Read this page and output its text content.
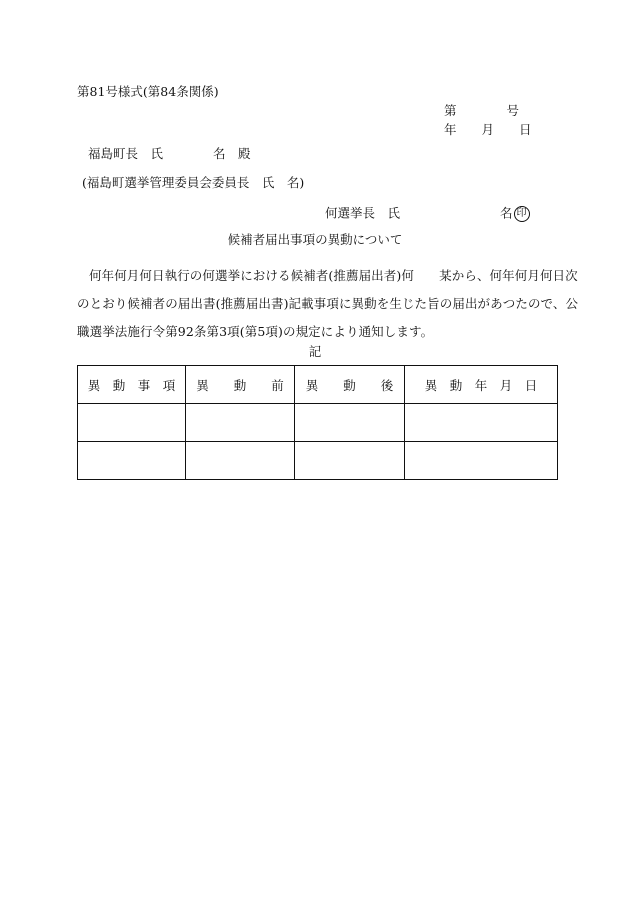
第81号様式(第84条関係)
第　　　　号
年　　月　　日
福島町長　氏　　　　名　殿
(福島町選挙管理委員会委員長　氏　名)
何選挙長　氏　　　　　　　　名 印
候補者届出事項の異動について
何年何月何日執行の何選挙における候補者(推薦届出者)何　　某から、何年何月何日次
のとおり候補者の届出書(推薦届出書)記載事項に異動を生じた旨の届出があつたので、公
職選挙法施行令第92条第3項(第5項)の規定により通知します。
記
異　動　事　項	異　　動　　前	異　　動　　後	異　動　年　月　日
